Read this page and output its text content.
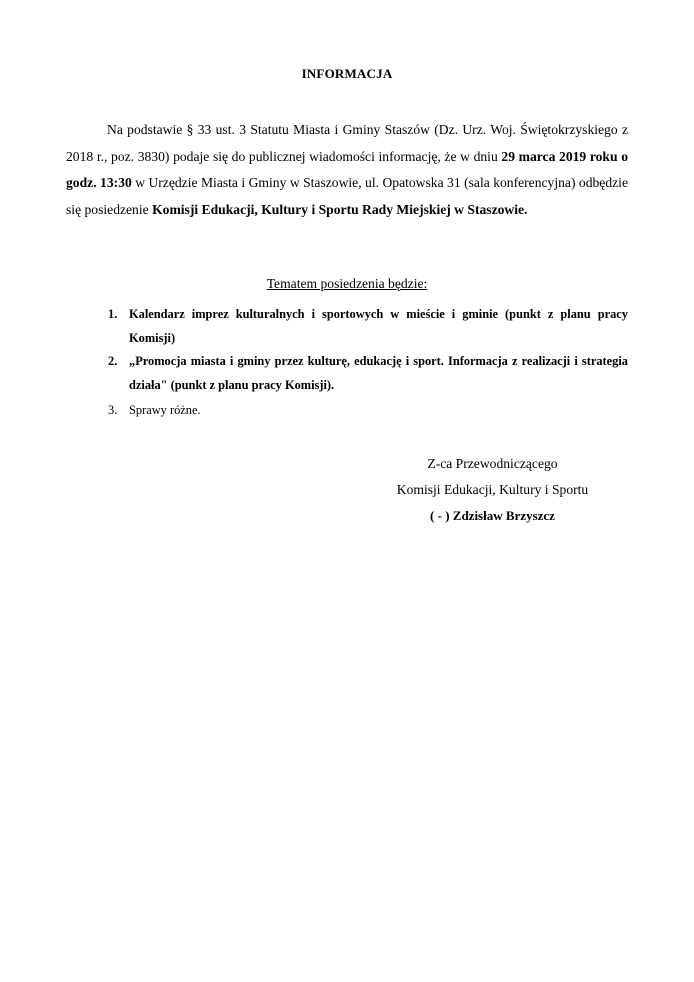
INFORMACJA
Na podstawie § 33 ust. 3 Statutu Miasta i Gminy Staszów (Dz. Urz. Woj. Świętokrzyskiego z 2018 r., poz. 3830) podaje się do publicznej wiadomości informację, że w dniu 29 marca 2019 roku o godz. 13:30 w Urzędzie Miasta i Gminy w Staszowie, ul. Opatowska 31 (sala konferencyjna) odbędzie się posiedzenie Komisji Edukacji, Kultury i Sportu Rady Miejskiej w Staszowie.
Tematem posiedzenia będzie:
1. Kalendarz imprez kulturalnych i sportowych w mieście i gminie (punkt z planu pracy Komisji)
2. „Promocja miasta i gminy przez kulturę, edukację i sport. Informacja z realizacji i strategia działa" (punkt z planu pracy Komisji).
3. Sprawy różne.
Z-ca Przewodniczącego
Komisji Edukacji, Kultury i Sportu
( - ) Zdzisław Brzyszcz
